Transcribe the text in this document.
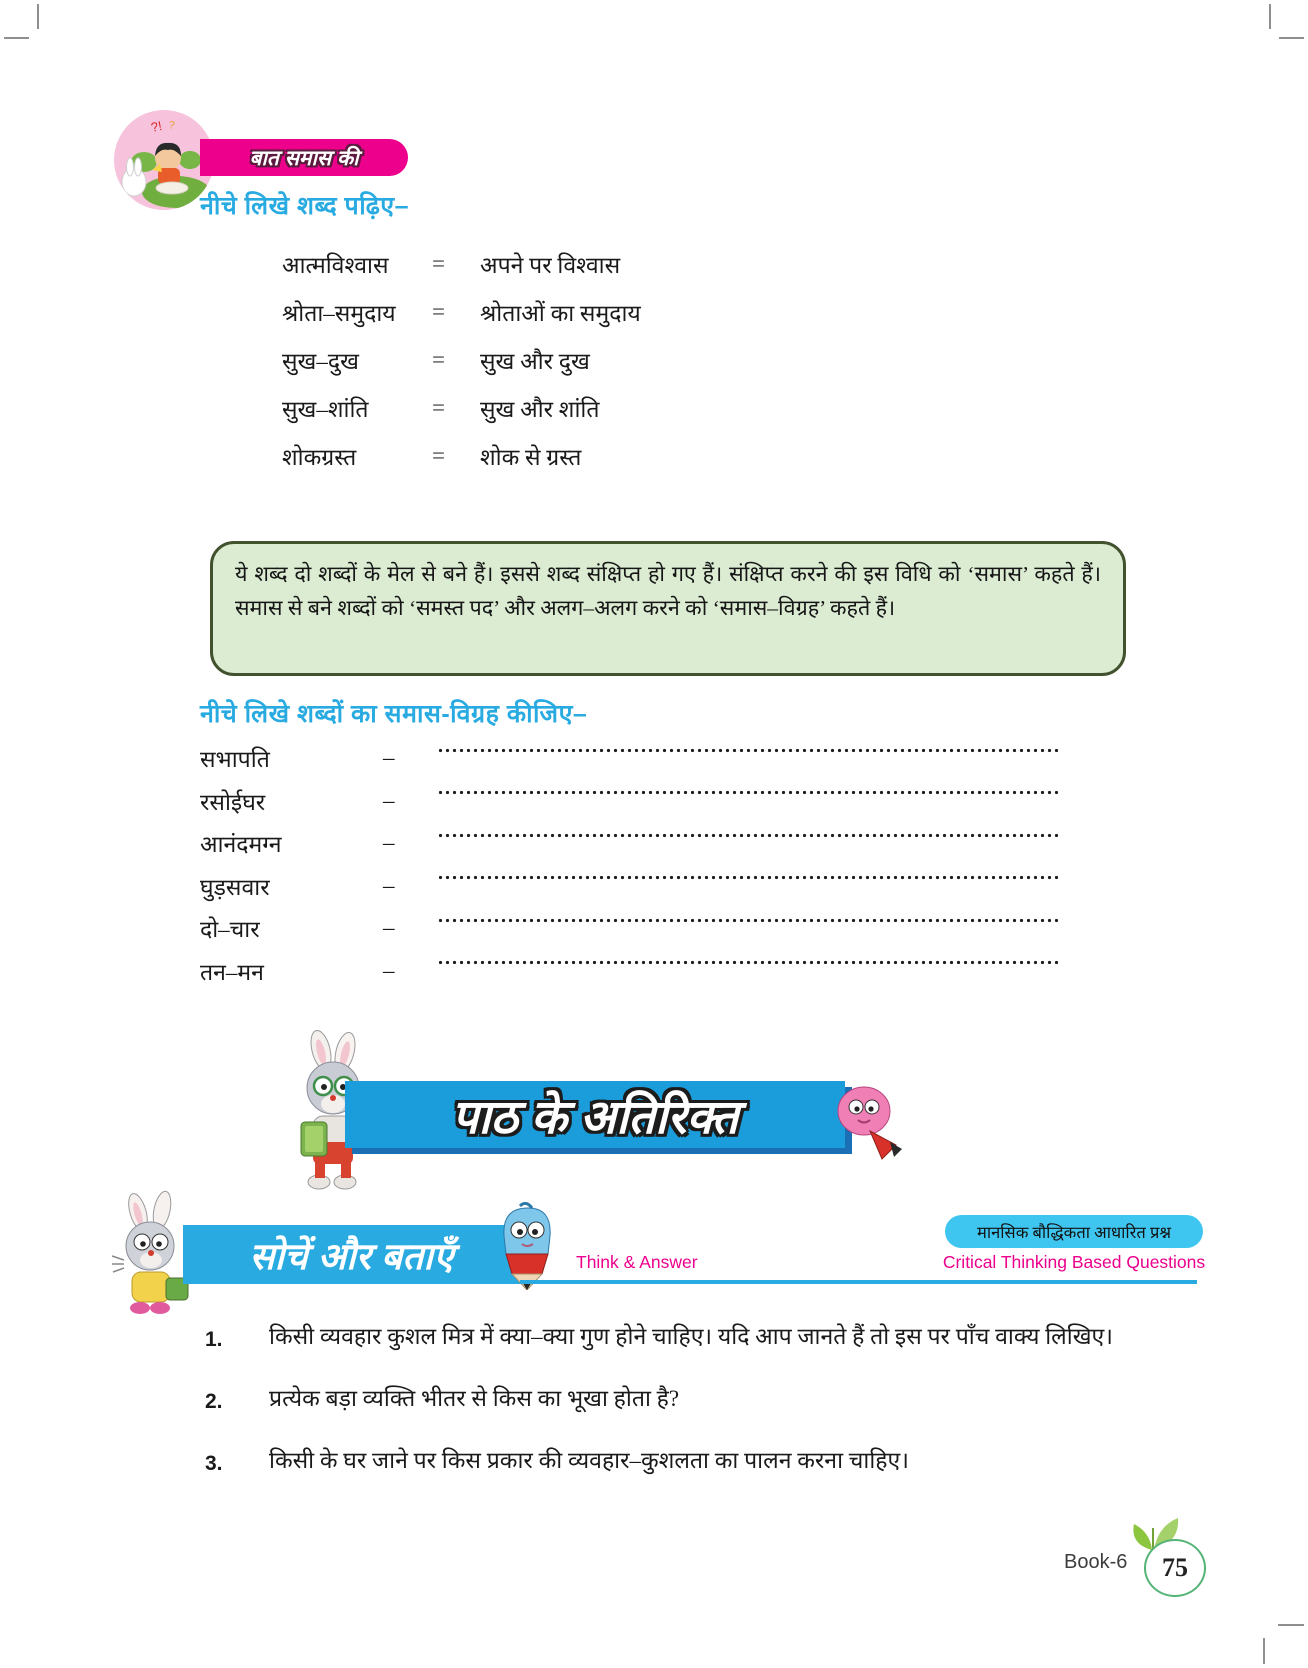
?! ?
बात समास की
नीचे लिखे शब्द पढ़िए–
आत्मविश्वास	=	अपने पर विश्वास
श्रोता–समुदाय	=	श्रोताओं का समुदाय
सुख–दुख	=	सुख और दुख
सुख–शांति	=	सुख और शांति
शोकग्रस्त	=	शोक से ग्रस्त
ये शब्द दो शब्दों के मेल से बने हैं। इससे शब्द संक्षिप्त हो गए हैं। संक्षिप्त करने की इस विधि को ‘समास’ कहते हैं। समास से बने शब्दों को ‘समस्त पद’ और अलग–अलग करने को ‘समास–विग्रह’ कहते हैं।
नीचे लिखे शब्दों का समास-विग्रह कीजिए–
सभापति	–
रसोईघर	–
आनंदमग्न	–
घुड़सवार	–
दो–चार	–
तन–मन	–
पाठ के अतिरिक्त
सोचें और बताएँ	Think & Answer
मानसिक बौद्धिकता आधारित प्रश्न
Critical Thinking Based Questions
1.	किसी व्यवहार कुशल मित्र में क्या–क्या गुण होने चाहिए। यदि आप जानते हैं तो इस पर पाँच वाक्य लिखिए।
2.	प्रत्येक बड़ा व्यक्ति भीतर से किस का भूखा होता है?
3.	किसी के घर जाने पर किस प्रकार की व्यवहार–कुशलता का पालन करना चाहिए।
Book-6 75
